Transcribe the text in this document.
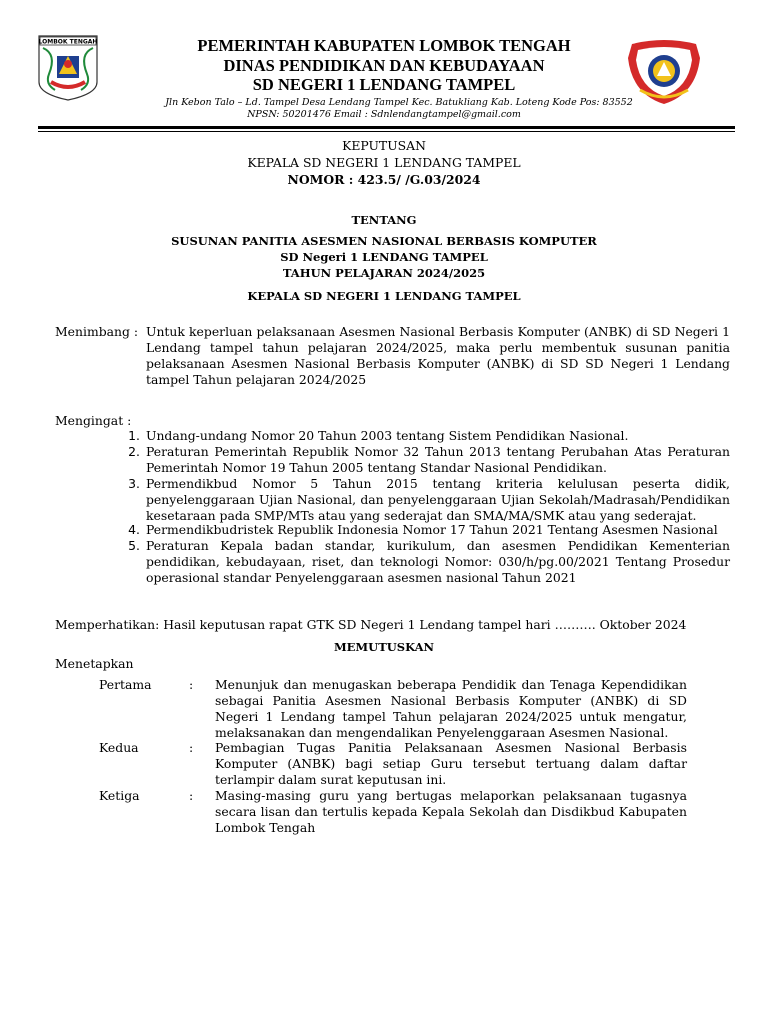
LOMBOK TENGAH	PEMERINTAH KABUPATEN LOMBOK TENGAH
DINAS PENDIDIKAN DAN KEBUDAYAAN
SD NEGERI 1 LENDANG TAMPEL
Jln Kebon Talo – Ld. Tampel Desa Lendang Tampel Kec. Batukliang Kab. Loteng Kode Pos: 83552
NPSN: 50201476 Email : Sdnlendangtampel@gmail.com
KEPUTUSAN
KEPALA SD NEGERI 1 LENDANG TAMPEL
NOMOR : 423.5/ /G.03/2024
TENTANG
SUSUNAN PANITIA ASESMEN NASIONAL BERBASIS KOMPUTER
SD Negeri 1 LENDANG TAMPEL
TAHUN PELAJARAN 2024/2025
KEPALA SD NEGERI 1 LENDANG TAMPEL
Menimbang : Untuk keperluan pelaksanaan Asesmen Nasional Berbasis Komputer (ANBK) di SD Negeri 1 Lendang tampel tahun pelajaran 2024/2025, maka perlu membentuk susunan panitia pelaksanaan Asesmen Nasional Berbasis Komputer (ANBK) di SD SD Negeri 1 Lendang tampel Tahun pelajaran 2024/2025
Mengingat :
1. Undang-undang Nomor 20 Tahun 2003 tentang Sistem Pendidikan Nasional.
2. Peraturan Pemerintah Republik Nomor 32 Tahun 2013 tentang Perubahan Atas Peraturan Pemerintah Nomor 19 Tahun 2005 tentang Standar Nasional Pendidikan.
3. Permendikbud Nomor 5 Tahun 2015 tentang kriteria kelulusan peserta didik, penyelenggaraan Ujian Nasional, dan penyelenggaraan Ujian Sekolah/Madrasah/Pendidikan kesetaraan pada SMP/MTs atau yang sederajat dan SMA/MA/SMK atau yang sederajat.
4. Permendikbudristek Republik Indonesia Nomor 17 Tahun 2021 Tentang Asesmen Nasional
5. Peraturan Kepala badan standar, kurikulum, dan asesmen Pendidikan Kementerian pendidikan, kebudayaan, riset, dan teknologi Nomor: 030/h/pg.00/2021 Tentang Prosedur operasional standar Penyelenggaraan asesmen nasional Tahun 2021
Memperhatikan: Hasil keputusan rapat GTK SD Negeri 1 Lendang tampel hari ………. Oktober 2024
MEMUTUSKAN
Menetapkan
Pertama	: Menunjuk dan menugaskan beberapa Pendidik dan Tenaga Kependidikan sebagai Panitia Asesmen Nasional Berbasis Komputer (ANBK) di SD Negeri 1 Lendang tampel Tahun pelajaran 2024/2025 untuk mengatur, melaksanakan dan mengendalikan Penyelenggaraan Asesmen Nasional.
Kedua	: Pembagian Tugas Panitia Pelaksanaan Asesmen Nasional Berbasis Komputer (ANBK) bagi setiap Guru tersebut tertuang dalam daftar terlampir dalam surat keputusan ini.
Ketiga	: Masing-masing guru yang bertugas melaporkan pelaksanaan tugasnya secara lisan dan tertulis kepada Kepala Sekolah dan Disdikbud Kabupaten Lombok Tengah
